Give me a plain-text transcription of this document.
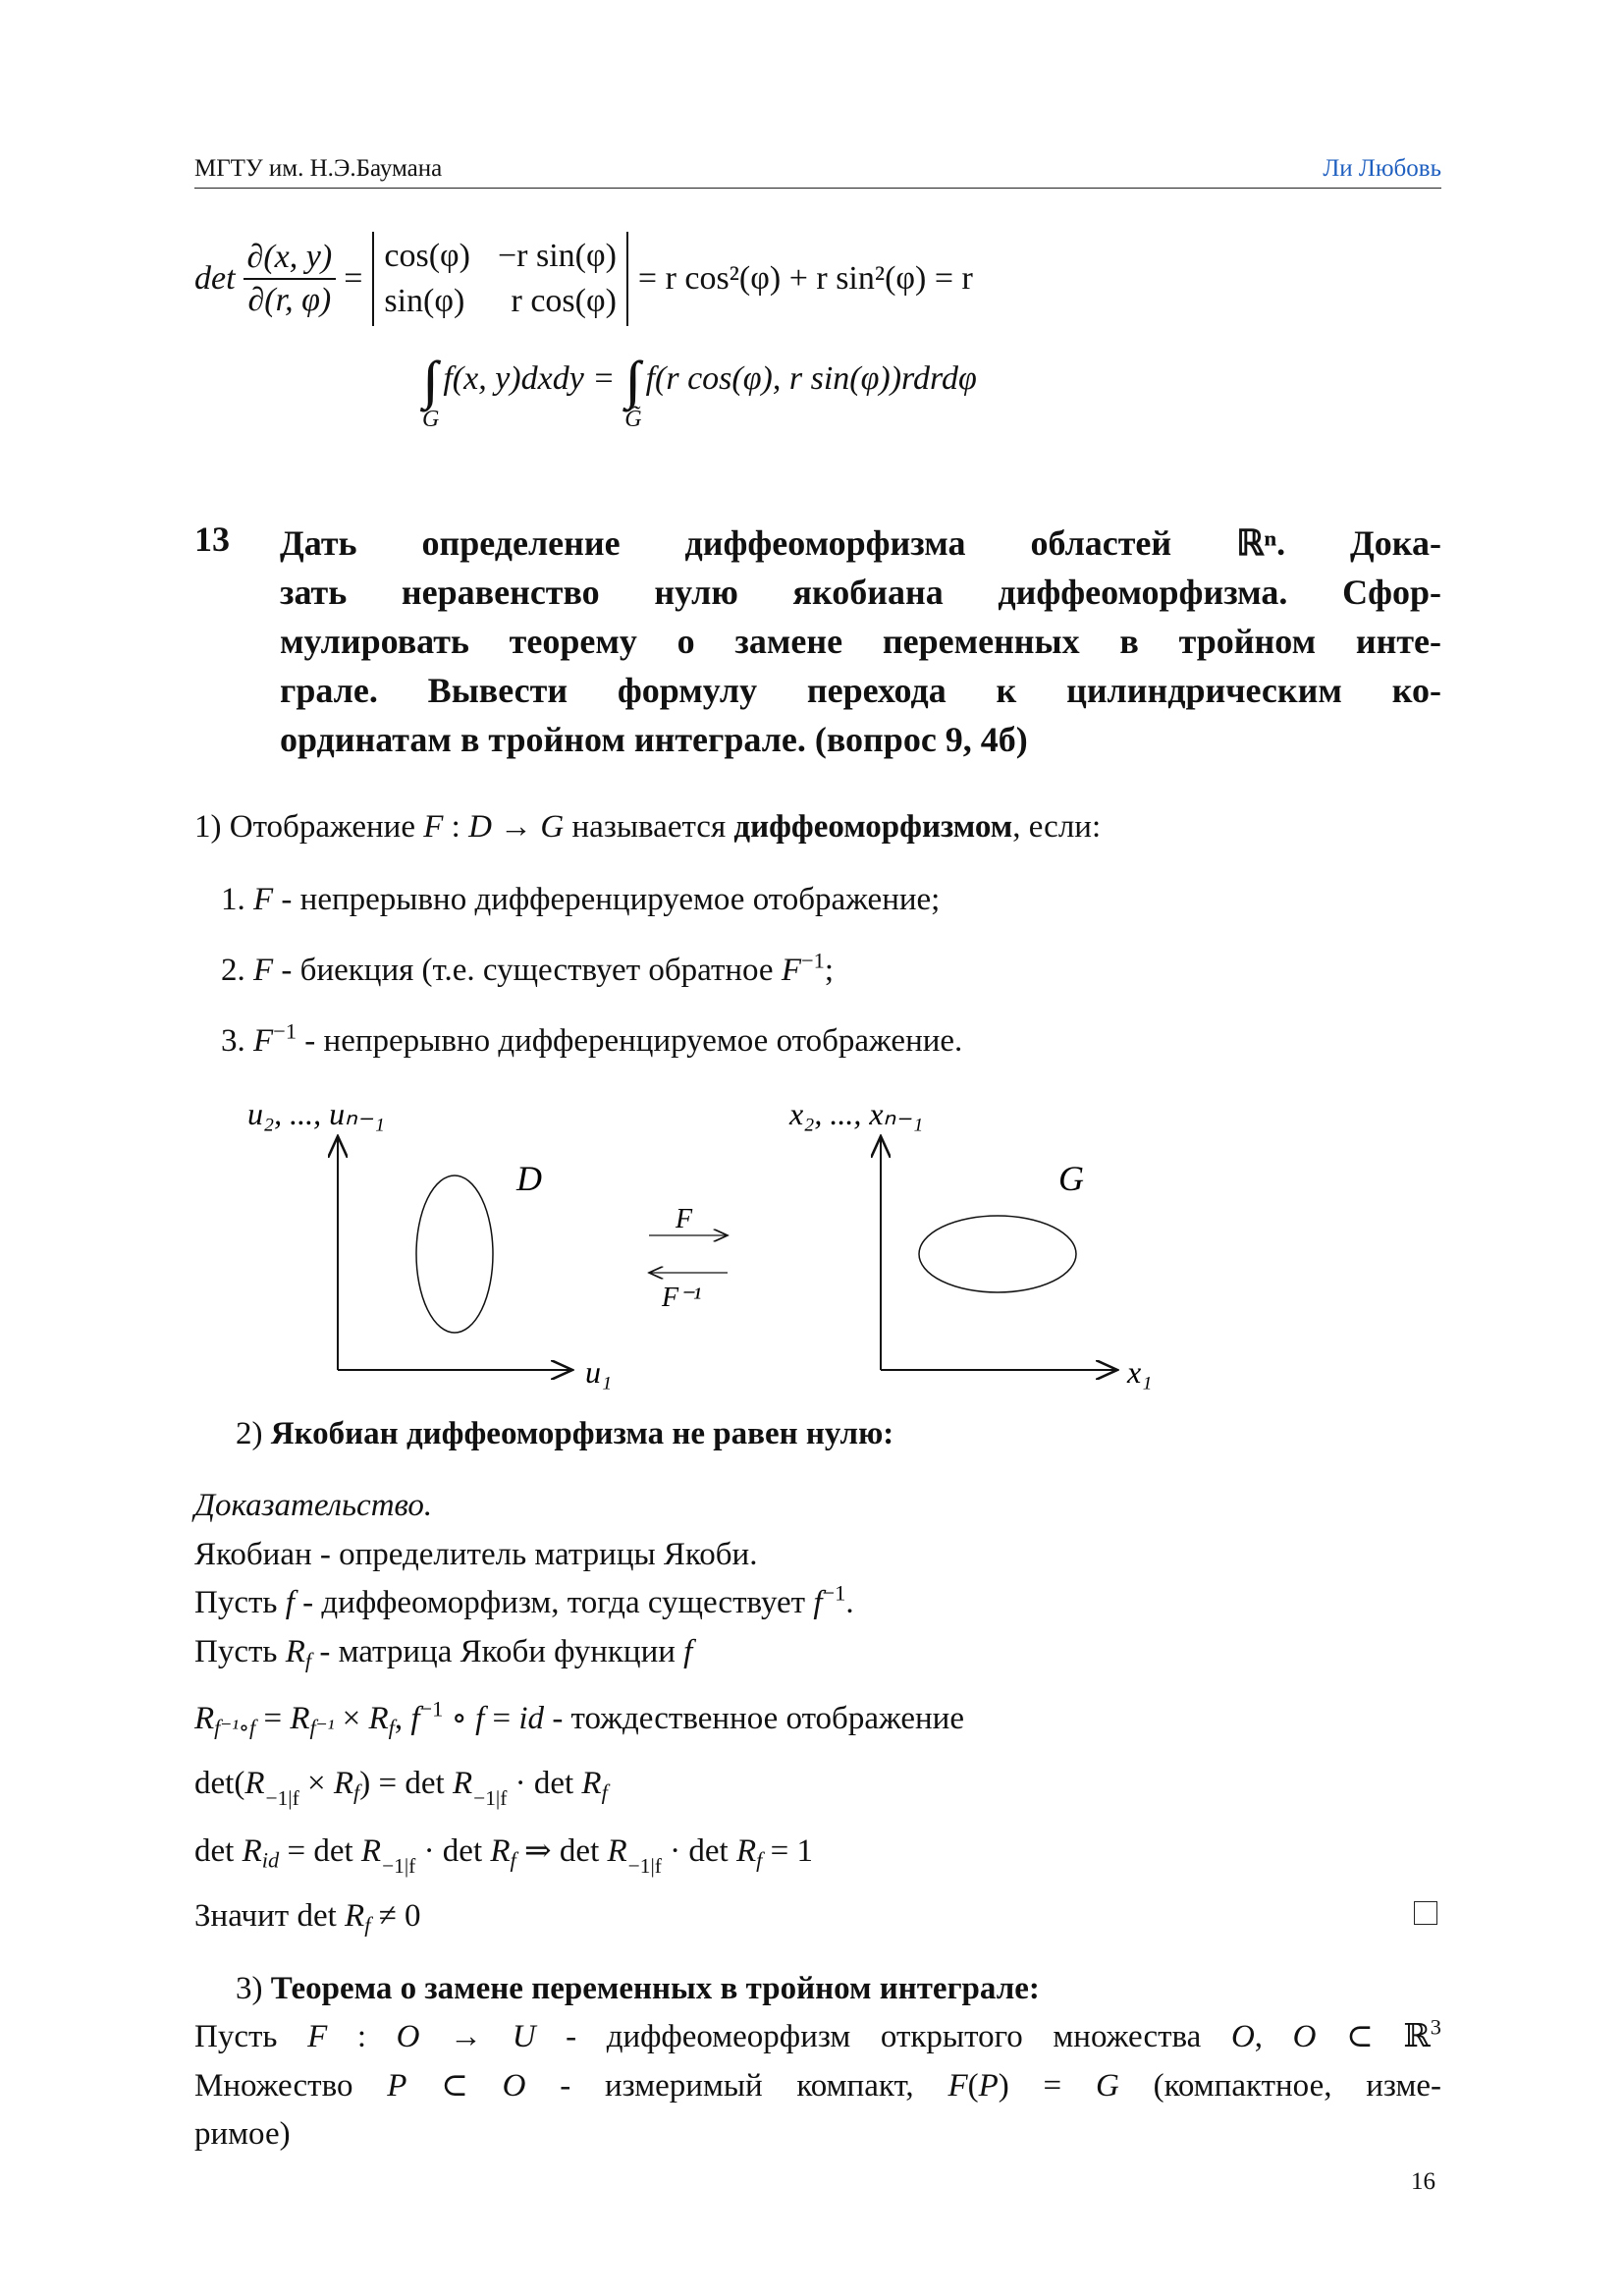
МГТУ им. Н.Э.Баумана	Ли Любовь
$\det \frac{\partial(x, y)}{\partial(r, \varphi)}$ =
cos(φ) −r sin(φ)
sin(φ)	r cos(φ)
= r cos²(φ) + r sin²(φ) = r
∫∫
G
f(x, y)dxdy = ∫∫
G̃
f(r cos(φ), r sin(φ))rdrdφ
13 Дать определение диффеоморфизма областей ℝⁿ. Дока-
зать неравенство нулю якобиана диффеоморфизма. Сфор-
мулировать теорему о замене переменных в тройном инте-
грале. Вывести формулу перехода к цилиндрическим ко-
ординатам в тройном интеграле. (вопрос 9, 4б)
1) Отображение F : D → G называется диффеоморфизмом, если:
1. F - непрерывно дифференцируемое отображение;
2. F - биекция (т.е. существует обратное $F^{-1}$;
3. $F^{-1}$ - непрерывно дифференцируемое отображение.
u₂, ..., uₙ₋₁
u₁
D
F
F⁻¹
x₂, ..., xₙ₋₁
x₁
G
2) Якобиан диффеоморфизма не равен нулю:
Доказательство.
Якобиан - определитель матрицы Якоби.
Пусть f - диффеоморфизм, тогда существует $f^{-1}$.
Пусть $R_f$ - матрица Якоби функции f
$R_{f^{-1}\circ f} = R_{f^{-1}} \times R_f$, $f^{-1}$ ∘ f = id - тождественное отображение
$\det(R-1|f \times R_f) = \det R-1|f \cdot \det R_f$
$\det R_{id} = \det R-1|f \cdot \det R_f$ ⇒ $\det R-1|f \cdot \det R_f = 1$
Значит $\det R_f \ne 0$
3) Теорема о замене переменных в тройном интеграле:
Пусть F : O → U - диффеомеорфизм открытого множества O, O ⊂ ℝ$^3$
Множество P ⊂ O - измеримый компакт, F(P) = G (компактное, изме-
римое)
16
